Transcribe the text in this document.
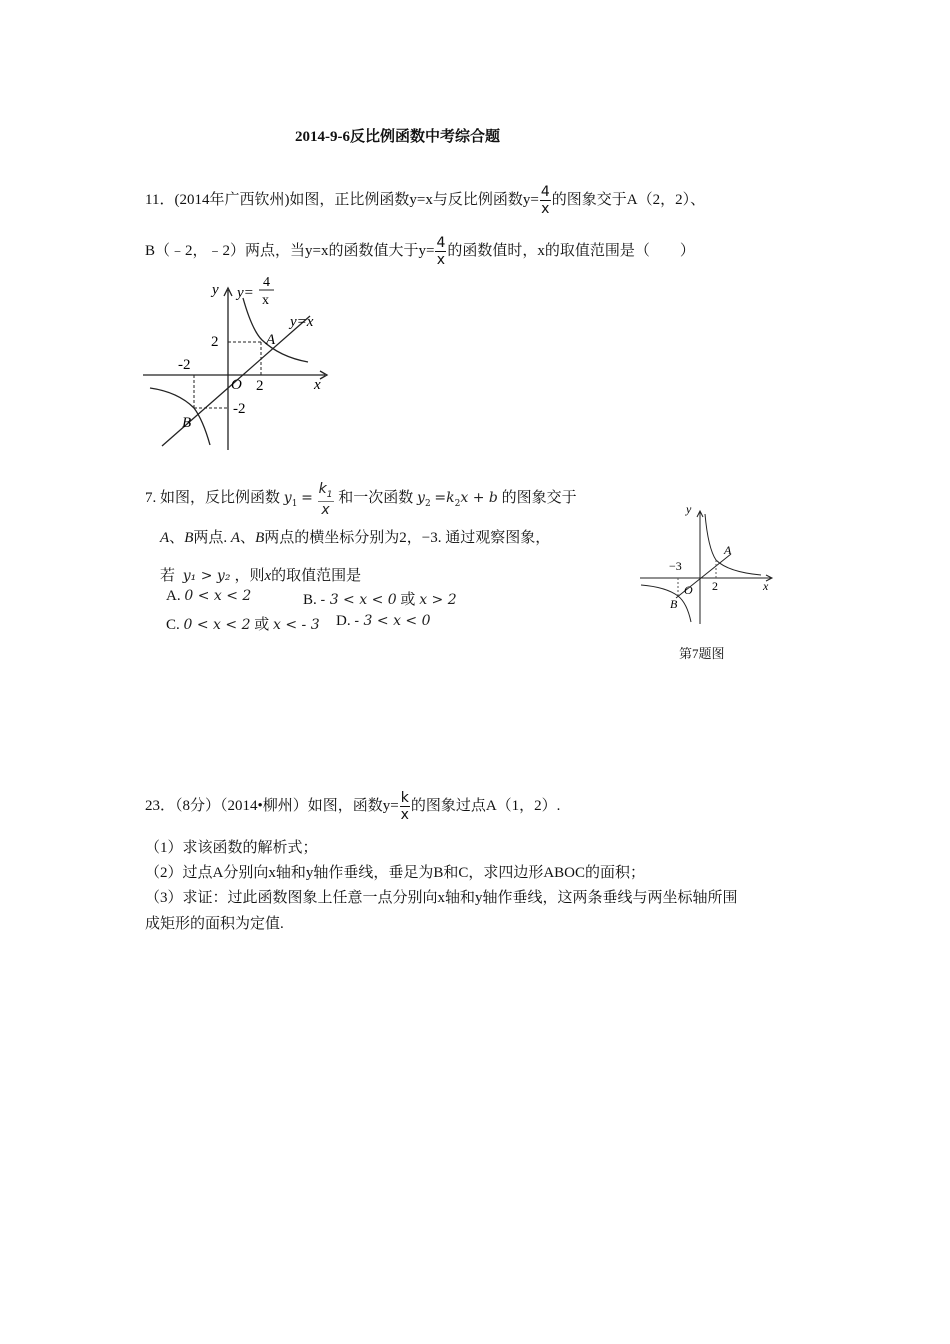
2014-9-6反比例函数中考综合题
11．(2014年广西钦州)如图，正比例函数y=x与反比例函数$y= \frac{4}{x}$ 的图象交于A（2，2）、
B（﹣2，﹣2）两点，当y=x的函数值大于$y= \frac{4}{x}$ 的函数值时，x的取值范围是（　　）
y y=
4
x
y=x
2	A
-2
O 2	x
-2
B
7. 如图，反比例函数 $y_1 = \frac{k_1}{x}$ 和一次函数 $y_2 =k_2x + b$ 的图象交于
A、B两点. A、B两点的横坐标分别为2，−3. 通过观察图象，
若 y₁ > y₂ ，则x的取值范围是
A. 0 < x < 2	B. - 3 < x < 0 或 x > 2
C. 0 < x < 2 或 x < - 3 D. - 3 < x < 0
y
x
A
−3
O 2
B
第7题图
23．（8分）（2014•柳州）如图，函数$y= \frac{k}{x}$ 的图象过点A（1，2）.
（1）求该函数的解析式；
（2）过点A分别向x轴和y轴作垂线，垂足为B和C，求四边形ABOC的面积；
（3）求证：过此函数图象上任意一点分别向x轴和y轴作垂线，这两条垂线与两坐标轴所围
成矩形的面积为定值.
